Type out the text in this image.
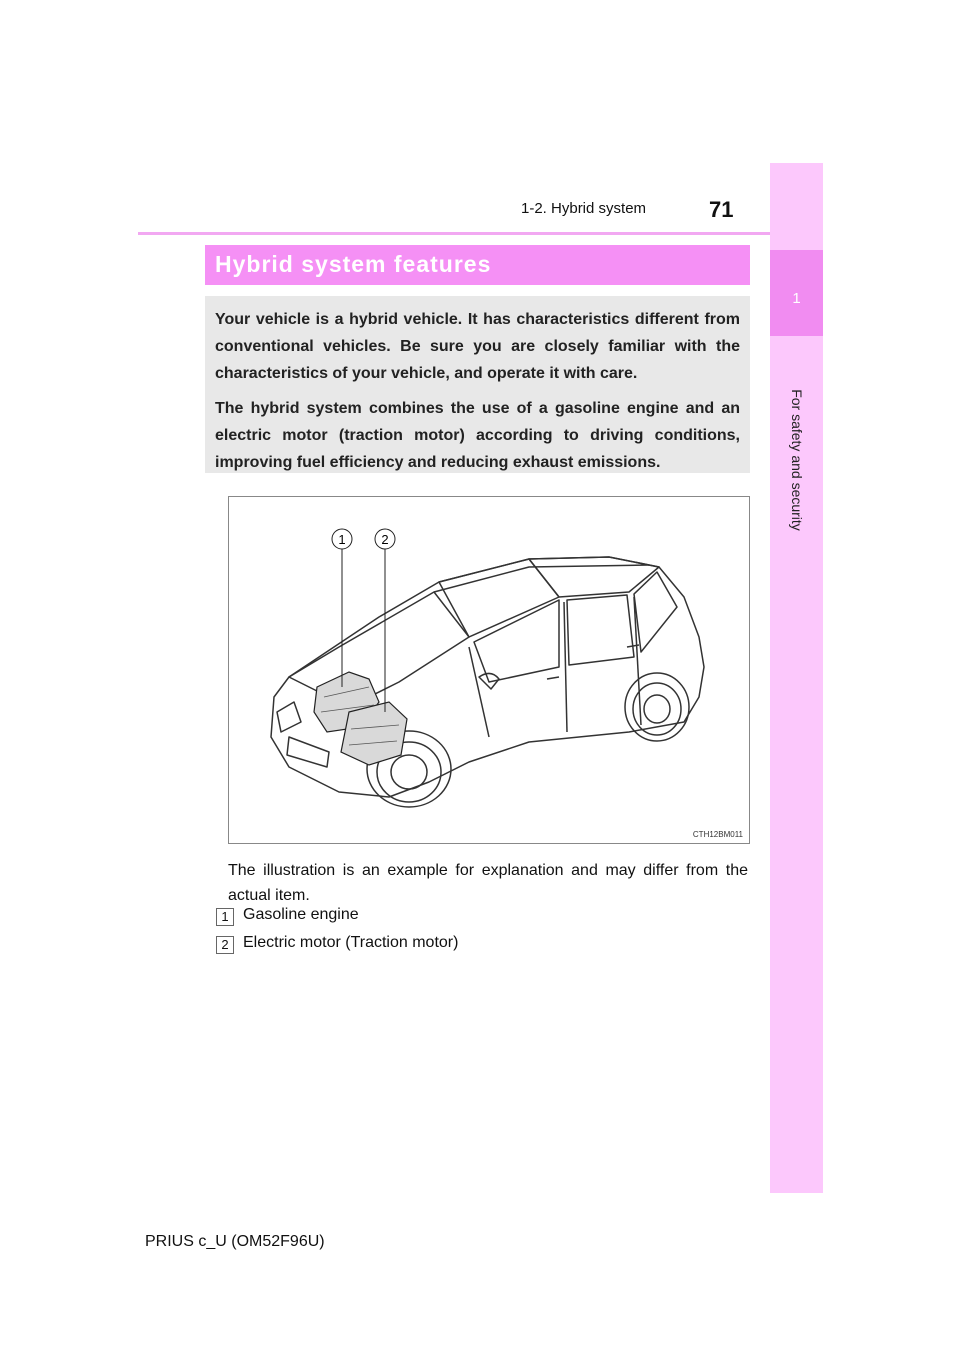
71
1-2. Hybrid system
1
For safety and security
Hybrid system features

Your vehicle is a hybrid vehicle. It has characteristics different from conventional vehicles. Be sure you are closely familiar with the characteristics of your vehicle, and operate it with care.

The hybrid system combines the use of a gasoline engine and an electric motor (traction motor) according to driving conditions, improving fuel efficiency and reducing exhaust emissions.

1	2
CTH12BM011
The illustration is an example for explanation and may differ from the actual item.
1 Gasoline engine
2 Electric motor (Traction motor)
PRIUS c_U (OM52F96U)
